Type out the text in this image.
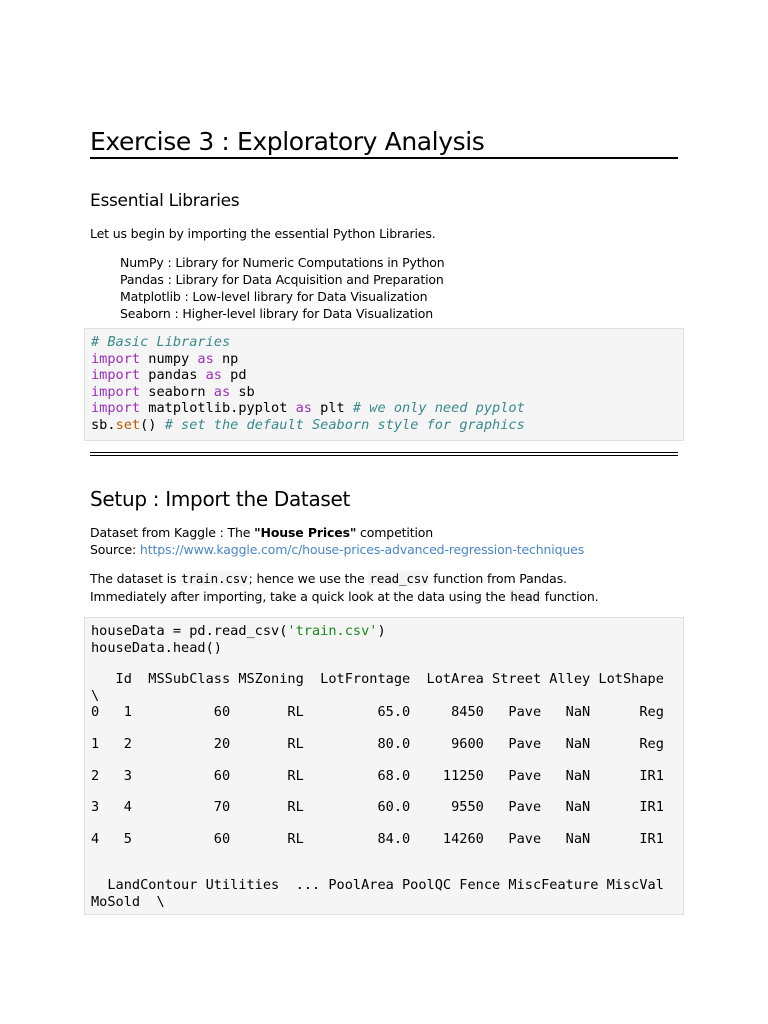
Exercise 3 : Exploratory Analysis
Essential Libraries
Let us begin by importing the essential Python Libraries.
NumPy : Library for Numeric Computations in Python
Pandas : Library for Data Acquisition and Preparation
Matplotlib : Low-level library for Data Visualization
Seaborn : Higher-level library for Data Visualization
# Basic Libraries
import numpy as np
import pandas as pd
import seaborn as sb
import matplotlib.pyplot as plt # we only need pyplot
sb.set() # set the default Seaborn style for graphics
Setup : Import the Dataset
Dataset from Kaggle : The "House Prices" competition
Source: https://www.kaggle.com/c/house-prices-advanced-regression-techniques
The dataset is train.csv; hence we use the read_csv function from Pandas.
Immediately after importing, take a quick look at the data using the head function.
houseData = pd.read_csv('train.csv')
houseData.head()
Id  MSSubClass MSZoning  LotFrontage  LotArea Street Alley LotShape
\
0   1          60       RL         65.0     8450   Pave   NaN      Reg
1   2          20       RL         80.0     9600   Pave   NaN      Reg
2   3          60       RL         68.0    11250   Pave   NaN      IR1
3   4          70       RL         60.0     9550   Pave   NaN      IR1
4   5          60       RL         84.0    14260   Pave   NaN      IR1
LandContour Utilities  ... PoolArea PoolQC Fence MiscFeature MiscVal
MoSold  \
